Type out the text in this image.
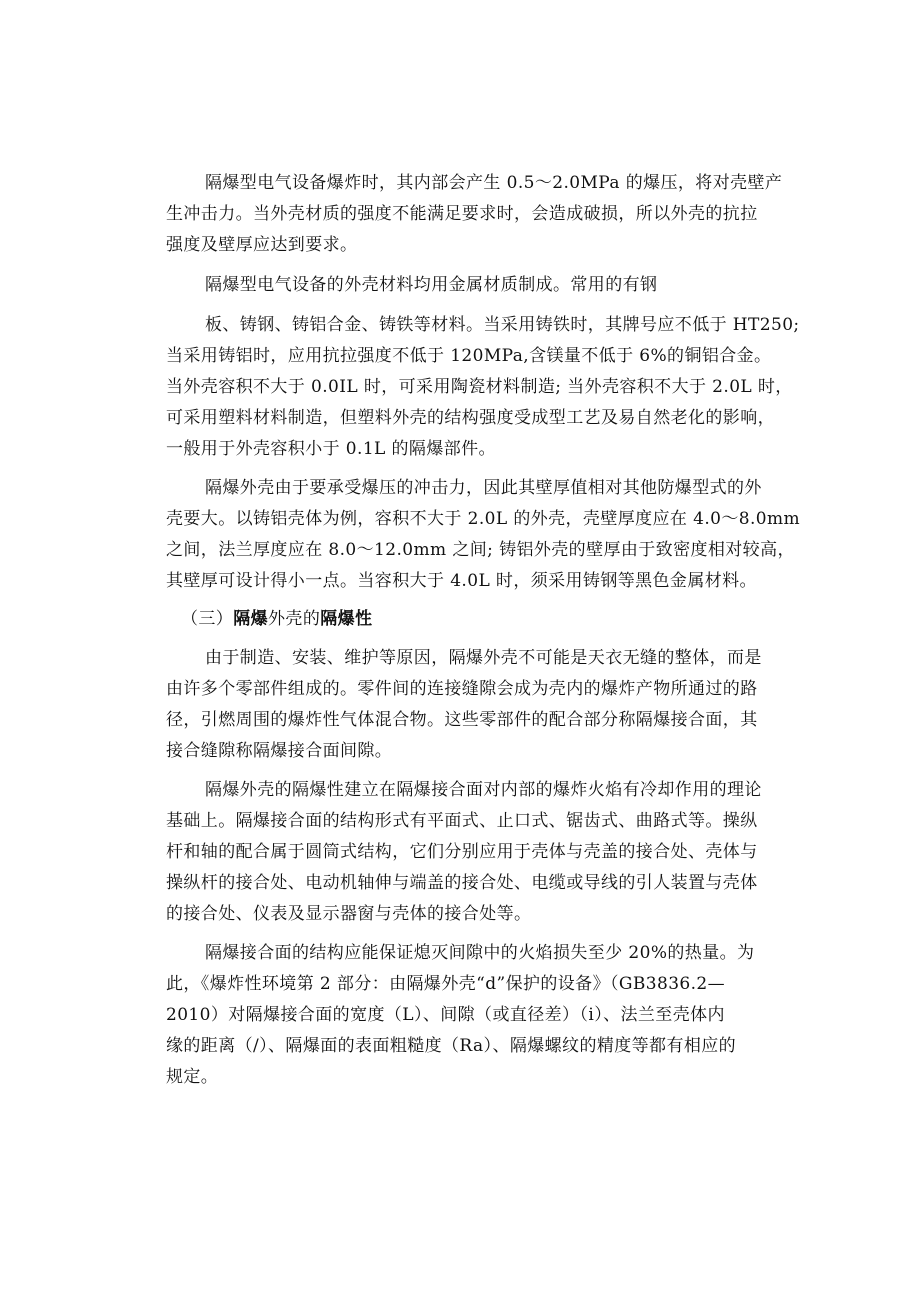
隔爆型电气设备爆炸时，其内部会产生 0.5～2.0MPa 的爆压，将对壳壁产

生冲击力。当外壳材质的强度不能满足要求时，会造成破损，所以外壳的抗拉

强度及壁厚应达到要求。

隔爆型电气设备的外壳材料均用金属材质制成。常用的有钢

板、铸钢、铸铝合金、铸铁等材料。当采用铸铁时，其牌号应不低于 HT250;

当采用铸铝时，应用抗拉强度不低于 120MPa,含镁量不低于 6%的铜铝合金。

当外壳容积不大于 0.0IL 时，可采用陶瓷材料制造; 当外壳容积不大于 2.0L 时，

可采用塑料材料制造，但塑料外壳的结构强度受成型工艺及易自然老化的影响，

一般用于外壳容积小于 0.1L 的隔爆部件。

隔爆外壳由于要承受爆压的冲击力，因此其壁厚值相对其他防爆型式的外

壳要大。以铸铝壳体为例，容积不大于 2.0L 的外壳，壳壁厚度应在 4.0～8.0mm

之间，法兰厚度应在 8.0～12.0mm 之间; 铸铝外壳的壁厚由于致密度相对较高，

其壁厚可设计得小一点。当容积大于 4.0L 时，须采用铸钢等黑色金属材料。

（三）隔爆外壳的隔爆性

由于制造、安装、维护等原因，隔爆外壳不可能是天衣无缝的整体，而是

由许多个零部件组成的。零件间的连接缝隙会成为壳内的爆炸产物所通过的路

径，引燃周围的爆炸性气体混合物。这些零部件的配合部分称隔爆接合面，其

接合缝隙称隔爆接合面间隙。

隔爆外壳的隔爆性建立在隔爆接合面对内部的爆炸火焰有冷却作用的理论

基础上。隔爆接合面的结构形式有平面式、止口式、锯齿式、曲路式等。操纵

杆和轴的配合属于圆筒式结构，它们分别应用于壳体与壳盖的接合处、壳体与

操纵杆的接合处、电动机轴伸与端盖的接合处、电缆或导线的引人装置与壳体

的接合处、仪表及显示器窗与壳体的接合处等。

隔爆接合面的结构应能保证熄灭间隙中的火焰损失至少 20%的热量。为

此，《爆炸性环境第 2 部分：由隔爆外壳“d”保护的设备》（GB3836.2—

2010）对隔爆接合面的宽度（L）、间隙（或直径差）（i）、法兰至壳体内

缘的距离（/）、隔爆面的表面粗糙度（Ra）、隔爆螺纹的精度等都有相应的

规定。
